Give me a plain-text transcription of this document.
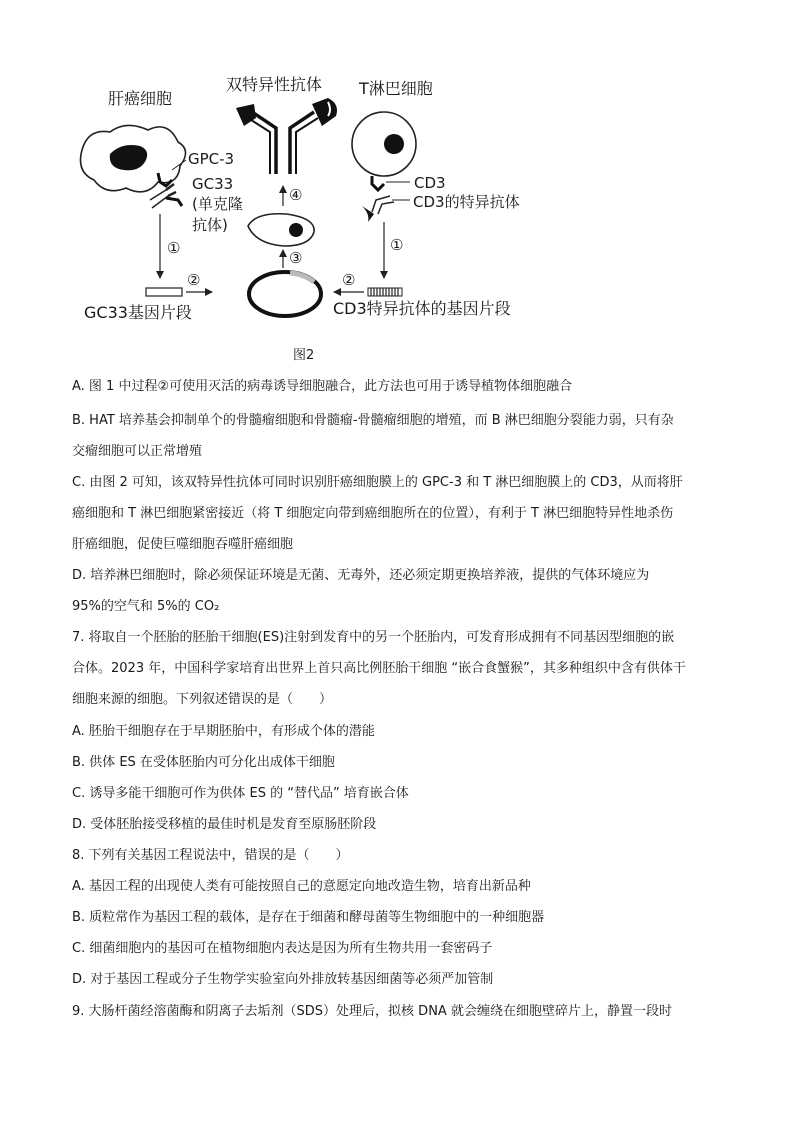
肝癌细胞
双特异性抗体 T淋巴细胞
GPC-3
GC33
(单克隆
抗体)
CD3
CD3的特异抗体
GC33基因片段	CD3特异抗体的基因片段
①
②
①
②
③
④
图2
A. 图 1 中过程②可使用灭活的病毒诱导细胞融合，此方法也可用于诱导植物体细胞融合
B. HAT 培养基会抑制单个的骨髓瘤细胞和骨髓瘤-骨髓瘤细胞的增殖，而 B 淋巴细胞分裂能力弱，只有杂
交瘤细胞可以正常增殖
C. 由图 2 可知，该双特异性抗体可同时识别肝癌细胞膜上的 GPC-3 和 T 淋巴细胞膜上的 CD3，从而将肝
癌细胞和 T 淋巴细胞紧密接近（将 T 细胞定向带到癌细胞所在的位置），有利于 T 淋巴细胞特异性地杀伤
肝癌细胞，促使巨噬细胞吞噬肝癌细胞
D. 培养淋巴细胞时，除必须保证环境是无菌、无毒外，还必须定期更换培养液，提供的气体环境应为
95%的空气和 5%的 CO₂
7. 将取自一个胚胎的胚胎干细胞(ES)注射到发育中的另一个胚胎内，可发育形成拥有不同基因型细胞的嵌
合体。2023 年，中国科学家培育出世界上首只高比例胚胎干细胞 “嵌合食蟹猴”，其多种组织中含有供体干
细胞来源的细胞。下列叙述错误的是（　　）
A. 胚胎干细胞存在于早期胚胎中，有形成个体的潜能
B. 供体 ES 在受体胚胎内可分化出成体干细胞
C. 诱导多能干细胞可作为供体 ES 的 “替代品” 培育嵌合体
D. 受体胚胎接受移植的最佳时机是发育至原肠胚阶段
8. 下列有关基因工程说法中，错误的是（　　）
A. 基因工程的出现使人类有可能按照自己的意愿定向地改造生物，培育出新品种
B. 质粒常作为基因工程的载体，是存在于细菌和酵母菌等生物细胞中的一种细胞器
C. 细菌细胞内的基因可在植物细胞内表达是因为所有生物共用一套密码子
D. 对于基因工程或分子生物学实验室向外排放转基因细菌等必须严加管制
9. 大肠杆菌经溶菌酶和阴离子去垢剂（SDS）处理后，拟核 DNA 就会缠绕在细胞壁碎片上，静置一段时
